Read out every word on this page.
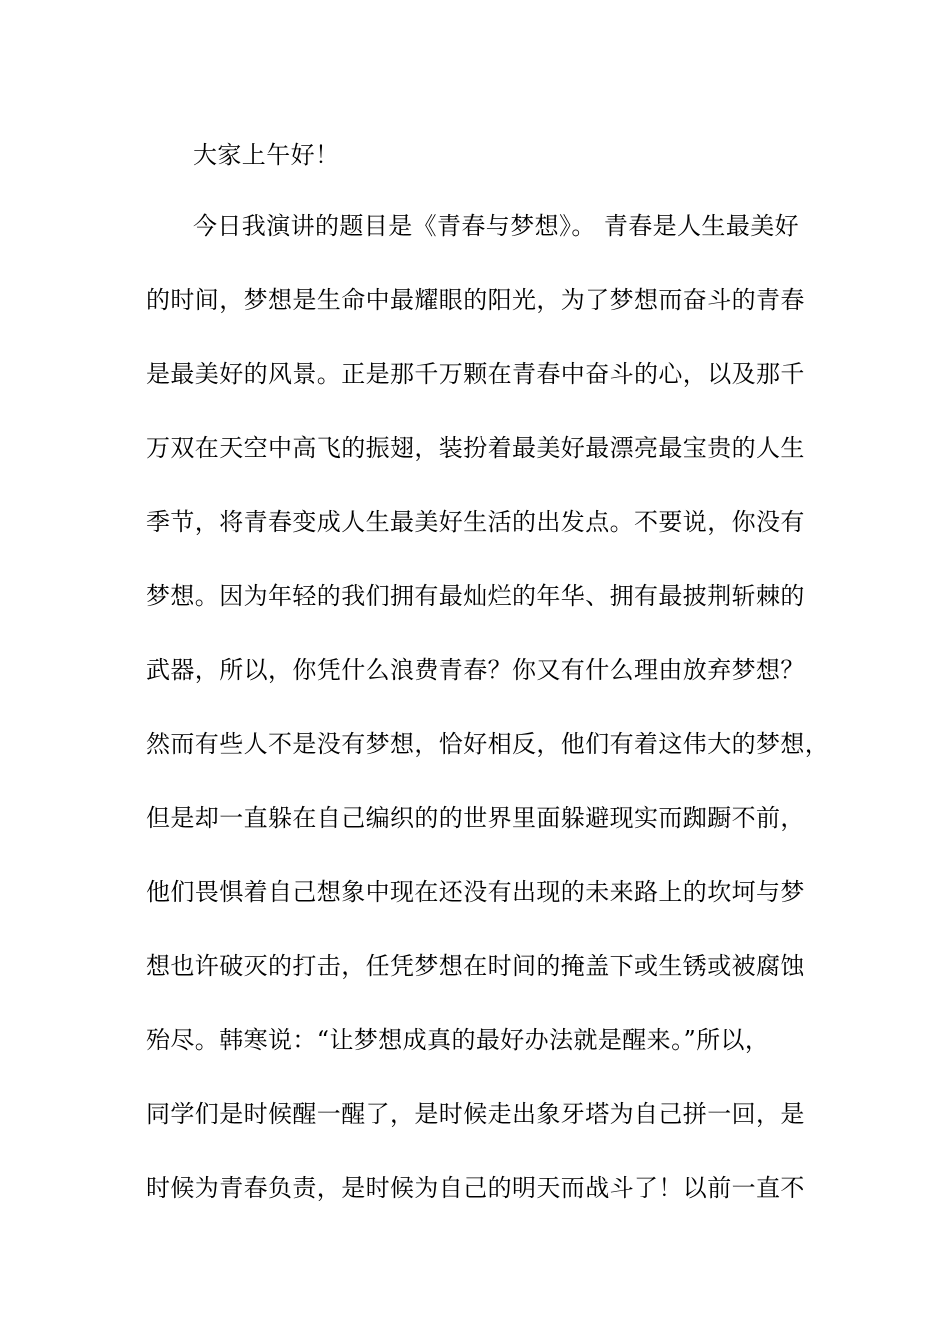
大家上午好！
今日我演讲的题目是《青春与梦想》。 青春是人生最美好
的时间，梦想是生命中最耀眼的阳光，为了梦想而奋斗的青春
是最美好的风景。正是那千万颗在青春中奋斗的心，以及那千
万双在天空中高飞的振翅，装扮着最美好最漂亮最宝贵的人生
季节，将青春变成人生最美好生活的出发点。不要说，你没有
梦想。因为年轻的我们拥有最灿烂的年华、拥有最披荆斩棘的
武器，所以，你凭什么浪费青春？你又有什么理由放弃梦想？
然而有些人不是没有梦想，恰好相反，他们有着这伟大的梦想，
但是却一直躲在自己编织的的世界里面躲避现实而踟蹰不前，
他们畏惧着自己想象中现在还没有出现的未来路上的坎坷与梦
想也许破灭的打击，任凭梦想在时间的掩盖下或生锈或被腐蚀
殆尽。韩寒说：“让梦想成真的最好办法就是醒来。”所以，
同学们是时候醒一醒了，是时候走出象牙塔为自己拼一回，是
时候为青春负责，是时候为自己的明天而战斗了！以前一直不
